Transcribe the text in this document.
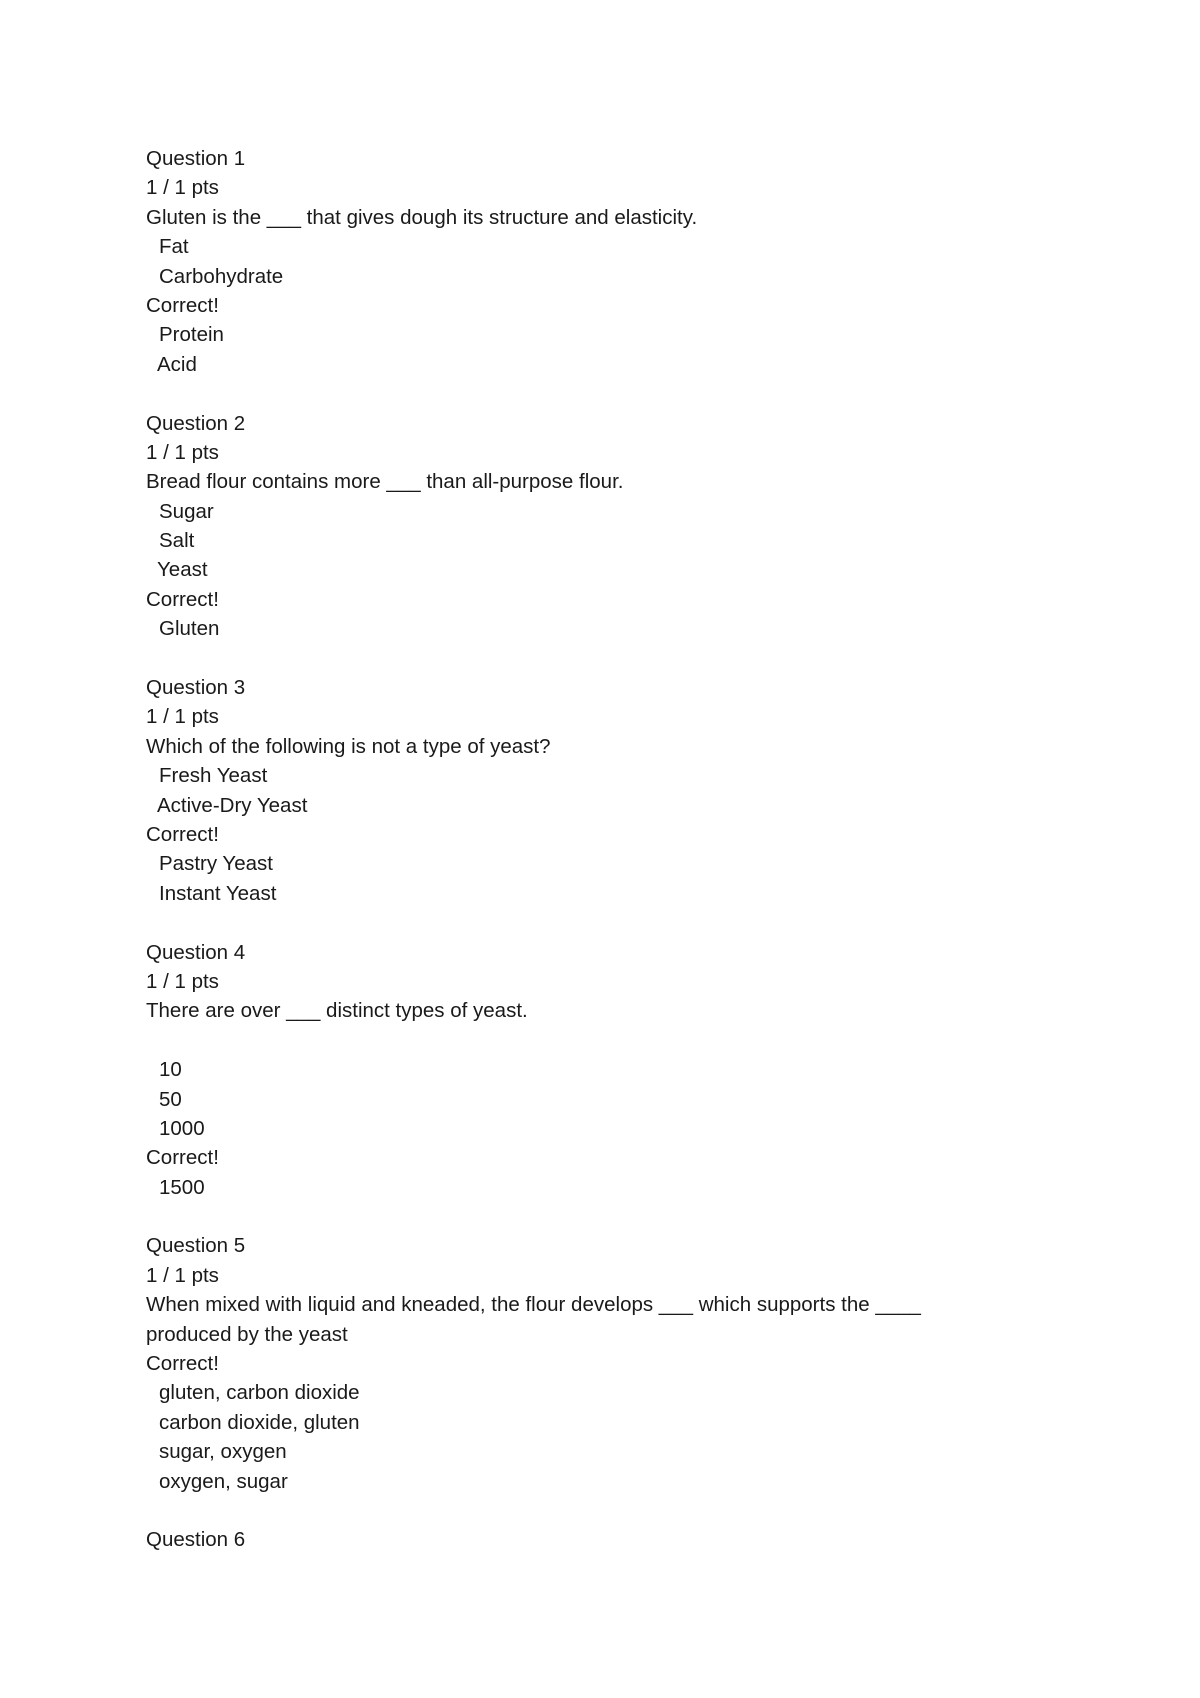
Question 1
1 / 1 pts
Gluten is the ___ that gives dough its structure and elasticity.
Fat
Carbohydrate
Correct!
Protein
Acid
Question 2
1 / 1 pts
Bread flour contains more ___ than all-purpose flour.
Sugar
Salt
Yeast
Correct!
Gluten
Question 3
1 / 1 pts
Which of the following is not a type of yeast?
Fresh Yeast
Active-Dry Yeast
Correct!
Pastry Yeast
Instant Yeast
Question 4
1 / 1 pts
There are over ___ distinct types of yeast.
10
50
1000
Correct!
1500
Question 5
1 / 1 pts
When mixed with liquid and kneaded, the flour develops ___ which supports the ____ produced by the yeast
Correct!
gluten, carbon dioxide
carbon dioxide, gluten
sugar, oxygen
oxygen, sugar
Question 6
